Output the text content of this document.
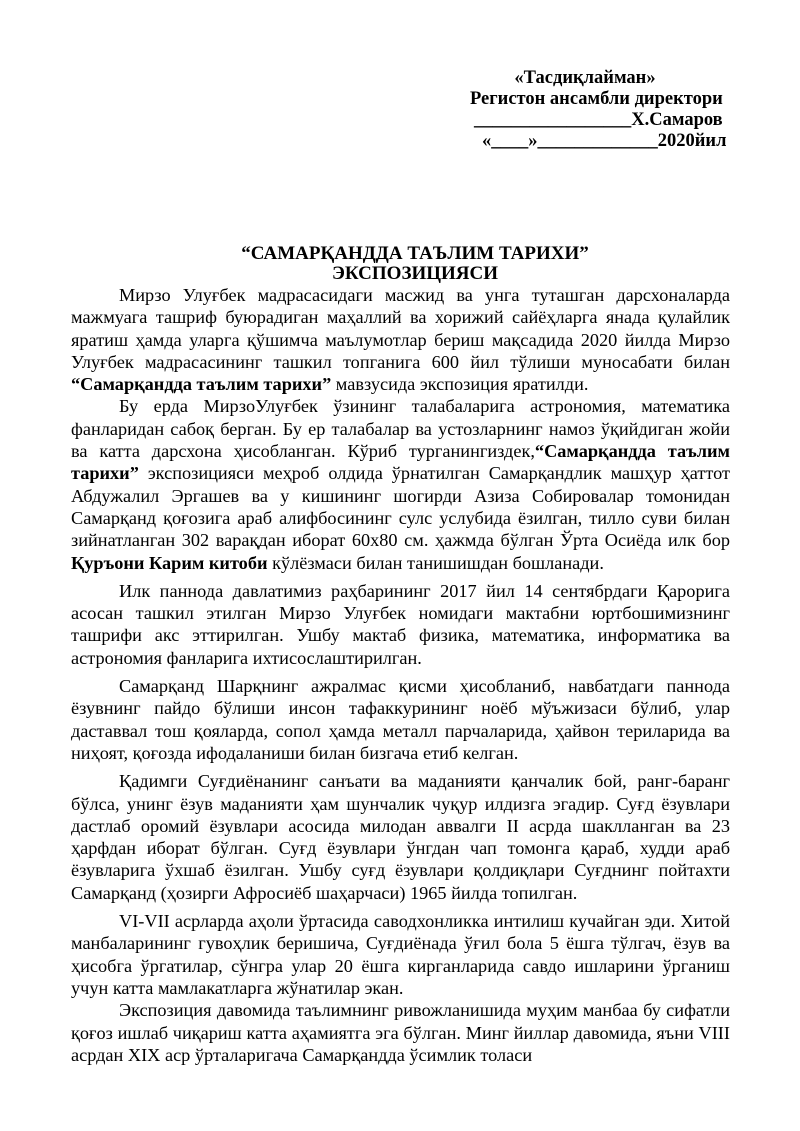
«Тасдиқлайман»
Регистон ансамбли директори
_________________Х.Самаров
«____»_____________2020йил
“САМАРҚАНДДА ТАЪЛИМ ТАРИХИ”
ЭКСПОЗИЦИЯСИ

Мирзо Улуғбек мадрасасидаги масжид ва унга туташган дарсхоналарда мажмуага ташриф буюрадиган маҳаллий ва хорижий сайёҳларга янада қулайлик яратиш ҳамда уларга қўшимча маълумотлар бериш мақсадида 2020 йилда Мирзо Улуғбек мадрасасининг ташкил топганига 600 йил тўлиши муносабати билан “Самарқандда таълим тарихи” мавзусида экспозиция яратилди.

Бу ерда МирзоУлуғбек ўзининг талабаларига астрономия, математика фанларидан сабоқ берган. Бу ер талабалар ва устозларнинг намоз ўқийдиган жойи ва катта дарсхона ҳисобланган. Кўриб турганингиздек,“Самарқандда таълим тарихи” экспозицияси меҳроб олдида ўрнатилган Самарқандлик машҳур ҳаттот Абдужалил Эргашев ва у кишининг шогирди Азиза Собировалар томонидан Самарқанд қоғозига араб алифбосининг сулс услубида ёзилган, тилло суви билан зийнатланган 302 варақдан иборат 60х80 см. ҳажмда бўлган Ўрта Осиёда илк бор Қуръони Карим китоби кўлёзмаси билан танишишдан бошланади.

Илк паннода давлатимиз раҳбарининг 2017 йил 14 сентябрдаги Қарорига асосан ташкил этилган Мирзо Улуғбек номидаги мактабни юртбошимизнинг ташрифи акс эттирилган. Ушбу мактаб физика, математика, информатика ва астрономия фанларига ихтисослаштирилган.

Самарқанд Шарқнинг ажралмас қисми ҳисобланиб, навбатдаги паннода ёзувнинг пайдо бўлиши инсон тафаккурининг ноёб мўъжизаси бўлиб, улар даставвал тош қояларда, сопол ҳамда металл парчаларида, ҳайвон териларида ва ниҳоят, қоғозда ифодаланиши билан бизгача етиб келган.

Қадимги Суғдиёнанинг санъати ва маданияти қанчалик бой, ранг-баранг бўлса, унинг ёзув маданияти ҳам шунчалик чуқур илдизга эгадир. Суғд ёзувлари дастлаб оромий ёзувлари асосида милодан аввалги II асрда шаклланган ва 23 ҳарфдан иборат бўлган. Суғд ёзувлари ўнгдан чап томонга қараб, худди араб ёзувларига ўхшаб ёзилган. Ушбу суғд ёзувлари қолдиқлари Суғднинг пойтахти Самарқанд (ҳозирги Афросиёб шаҳарчаси) 1965 йилда топилган.

VI-VII асрларда аҳоли ўртасида саводхонликка интилиш кучайган эди. Хитой манбаларининг гувоҳлик беришича, Суғдиёнада ўғил бола 5 ёшга тўлгач, ёзув ва ҳисобга ўргатилар, сўнгра улар 20 ёшга кирганларида савдо ишларини ўрганиш учун катта мамлакатларга жўнатилар экан.

Экспозиция давомида таълимнинг ривожланишида муҳим манбаа бу сифатли қоғоз ишлаб чиқариш катта аҳамиятга эга бўлган. Минг йиллар давомида, яъни VIII асрдан XIX аср ўрталаригача Самарқандда ўсимлик толаси
